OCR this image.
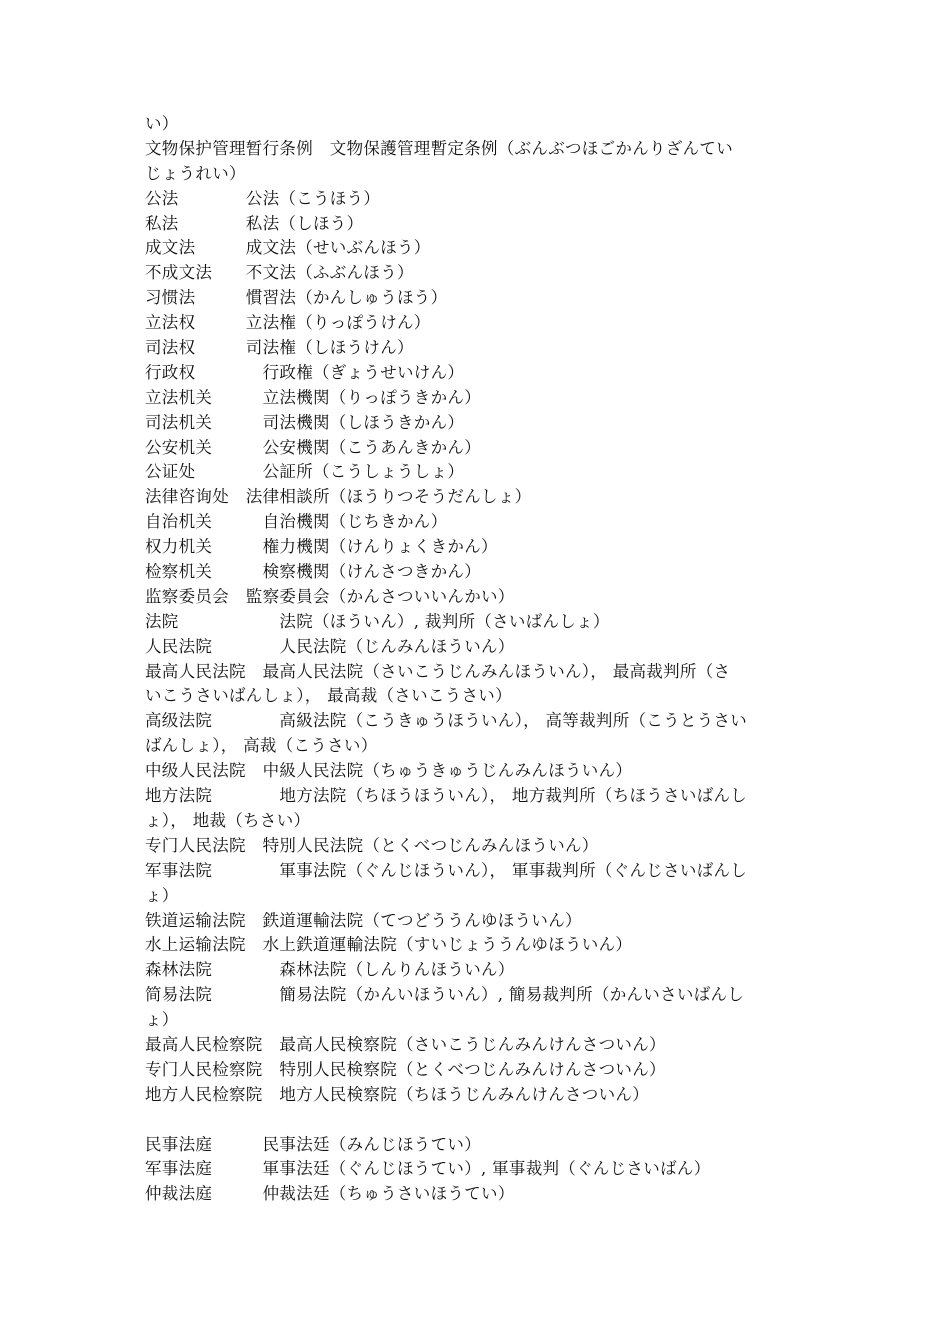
い）
文物保护管理暂行条例　文物保護管理暫定条例（ぶんぶつほごかんりざんてい
じょうれい）
公法　　　　公法（こうほう）
私法　　　　私法（しほう）
成文法　　　成文法（せいぶんほう）
不成文法　　不文法（ふぶんほう）
习惯法　　　慣習法（かんしゅうほう）
立法权　　　立法権（りっぽうけん）
司法权　　　司法権（しほうけん）
行政权　　　　行政権（ぎょうせいけん）
立法机关　　　立法機関（りっぽうきかん）
司法机关　　　司法機関（しほうきかん）
公安机关　　　公安機関（こうあんきかん）
公证处　　　　公証所（こうしょうしょ）
法律咨询处　法律相談所（ほうりつそうだんしょ）
自治机关　　　自治機関（じちきかん）
权力机关　　　権力機関（けんりょくきかん）
检察机关　　　検察機関（けんさつきかん）
监察委员会　監察委員会（かんさついいんかい）
法院　　　　　　法院（ほういん）, 裁判所（さいばんしょ）
人民法院　　　　人民法院（じんみんほういん）
最高人民法院　最高人民法院（さいこうじんみんほういん）， 最高裁判所（さ
いこうさいばんしょ）， 最高裁（さいこうさい）
高级法院　　　　高級法院（こうきゅうほういん）， 高等裁判所（こうとうさい
ばんしょ）， 高裁（こうさい）
中级人民法院　中級人民法院（ちゅうきゅうじんみんほういん）
地方法院　　　　地方法院（ちほうほういん）， 地方裁判所（ちほうさいばんし
ょ）， 地裁（ちさい）
专门人民法院　特別人民法院（とくべつじんみんほういん）
军事法院　　　　軍事法院（ぐんじほういん）， 軍事裁判所（ぐんじさいばんし
ょ）
铁道运输法院　鉄道運輸法院（てつどううんゆほういん）
水上运输法院　水上鉄道運輸法院（すいじょううんゆほういん）
森林法院　　　　森林法院（しんりんほういん）
简易法院　　　　簡易法院（かんいほういん）, 簡易裁判所（かんいさいばんし
ょ）
最高人民检察院　最高人民検察院（さいこうじんみんけんさついん）
专门人民检察院　特別人民検察院（とくべつじんみんけんさついん）
地方人民检察院　地方人民検察院（ちほうじんみんけんさついん）
民事法庭　　　民事法廷（みんじほうてい）
军事法庭　　　軍事法廷（ぐんじほうてい）, 軍事裁判（ぐんじさいばん）
仲裁法庭　　　仲裁法廷（ちゅうさいほうてい）
